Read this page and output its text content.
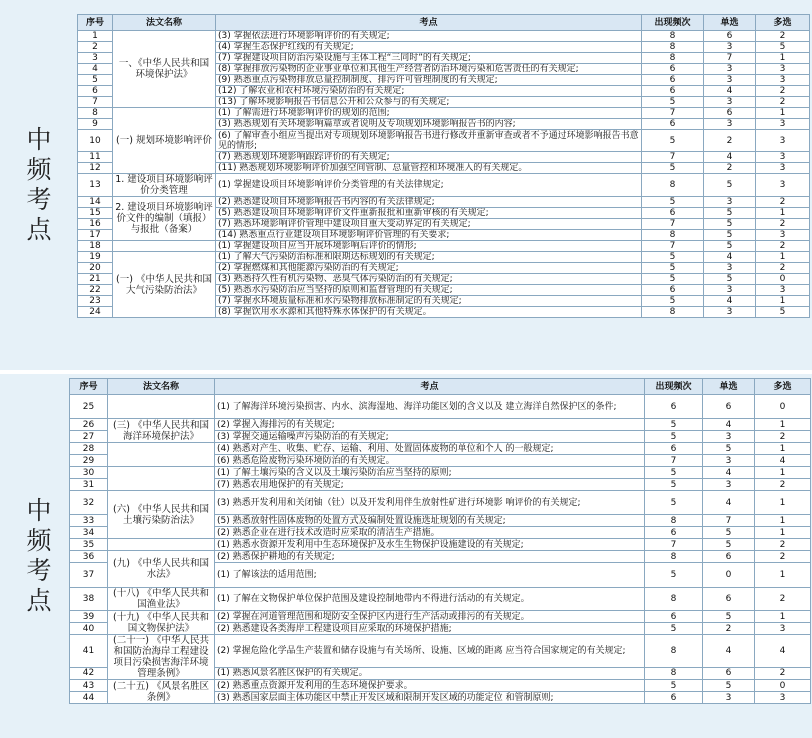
中
频
考
点
序号	法文名称	考点	出现频次	单选	多选
1	一、《中华人民共和国环境保护法》	(3) 掌握依法进行环境影响评价的有关规定;	8	6	2
2		(4) 掌握生态保护红线的有关规定;	8	3	5
3		(7) 掌握建设项目防治污染设施与主体工程“三同时”的有关规定;	8	7	1
4		(8) 掌握排放污染物的企业事业单位和其他生产经营者防治环境污染和危害责任的有关规定;	6	3	3
5		(9) 熟悉重点污染物排放总量控制制度、排污许可管理制度的有关规定;	6	3	3
6		(12) 了解农业和农村环境污染防治的有关规定;	6	4	2
7		(13) 了解环境影响报告书信息公开和公众参与的有关规定;	5	3	2
8	(一) 规划环境影响评价	(1) 了解需进行环境影响评价的规划的范围;	7	6	1
9		(3) 熟悉规划有关环境影响篇章或者说明及专项规划环境影响报告书的内容;	6	3	3
10		(6) 了解审查小组应当提出对专项规划环境影响报告书进行修改并重新审查或者不予通过环境影响报告书意见的情形;	5	2	3
11		(7) 熟悉规划环境影响跟踪评价的有关规定;	7	4	3
12		(11) 熟悉规划环境影响评价加强空间管制、总量管控和环境准入的有关规定。	5	2	3
13	1. 建设项目环境影响评价分类管理	(1) 掌握建设项目环境影响评价分类管理的有关法律规定;	8	5	3
14	2. 建设项目环境影响评价文件的编制（填报）与报批（备案）	(2) 熟悉建设项目环境影响报告书内容的有关法律规定;	5	3	2
15		(5) 熟悉建设项目环境影响评价文件重新报批和重新审核的有关规定;	6	5	1
16		(7) 熟悉环境影响评价管理中建设项目重大变动界定的有关规定;	7	5	2
17		(14) 熟悉重点行业建设项目环境影响评价管理的有关要求;	8	5	3
18		(1) 掌握建设项目应当开展环境影响后评价的情形;	7	5	2
19	(一) 《中华人民共和国大气污染防治法》	(1) 了解大气污染防治标准和限期达标规划的有关规定;	5	4	1
20		(2) 掌握燃煤和其他能源污染防治的有关规定;	5	3	2
21		(3) 熟悉持久性有机污染物、恶臭气体污染防治的有关规定;	5	5	0
22		(5) 熟悉水污染防治应当坚持的原则和监督管理的有关规定;	6	3	3
23		(7) 掌握水环境质量标准和水污染物排放标准制定的有关规定;	5	4	1
24		(8) 掌握饮用水水源和其他特殊水体保护的有关规定。	8	3	5
中
频
考
点
序号	法文名称	考点	出现频次	单选	多选
25		(1) 了解海洋环境污染损害、内水、滨海湿地、海洋功能区划的含义以及 建立海洋自然保护区的条件;	6	6	0
26	(三) 《中华人民共和国海洋环境保护法》	(2) 掌握入海排污的有关规定;	5	4	1
27		(3) 掌握交通运输噪声污染防治的有关规定;	5	3	2
28		(4) 熟悉对产生、收集、贮存、运输、利用、处置固体废物的单位和个人 的一般规定;	6	5	1
29		(6) 熟悉危险废物污染环境防治的有关规定。	7	3	4
30		(1) 了解土壤污染的含义以及土壤污染防治应当坚持的原则;	5	4	1
31		(7) 熟悉农用地保护的有关规定;	5	3	2
32	(六) 《中华人民共和国土壤污染防治法》	(3) 熟悉开发利用和关闭铀（钍）以及开发利用伴生放射性矿进行环境影 响评价的有关规定;	5	4	1
33		(5) 熟悉放射性固体废物的处置方式及编制处置设施选址规划的有关规定;	8	7	1
34		(2) 熟悉企业在进行技术改造时应采取的清洁生产措施。	6	5	1
35		(1) 熟悉水资源开发利用中生态环境保护及水生生物保护设施建设的有关规定;	7	5	2
36	(九) 《中华人民共和国水法》	(2) 熟悉保护耕地的有关规定;	8	6	2
37		(1) 了解该法的适用范围;	5	0	1
38	(十八) 《中华人民共和国渔业法》	(1) 了解在文物保护单位保护范围及建设控制地带内不得进行活动的有关规定。	8	6	2
39	(十九) 《中华人民共和国文物保护法》	(2) 掌握在河道管理范围和堤防安全保护区内进行生产活动或排污的有关规定。	6	5	1
40		(2) 熟悉建设各类海岸工程建设项目应采取的环境保护措施;	5	2	3
41	(二十一) 《中华人民共和国防治海岸工程建设项目污染损害海洋环境管理条例》	(2) 掌握危险化学品生产装置和储存设施与有关场所、设施、区域的距离 应当符合国家规定的有关规定;	8	4	4
42		(1) 熟悉风景名胜区保护的有关规定。	8	6	2
43	(二十五) 《风景名胜区条例》	(2) 熟悉重点资源开发利用的生态环境保护要求。	5	5	0
44		(3) 熟悉国家层面主体功能区中禁止开发区域和限制开发区域的功能定位 和管制原则;	6	3	3
